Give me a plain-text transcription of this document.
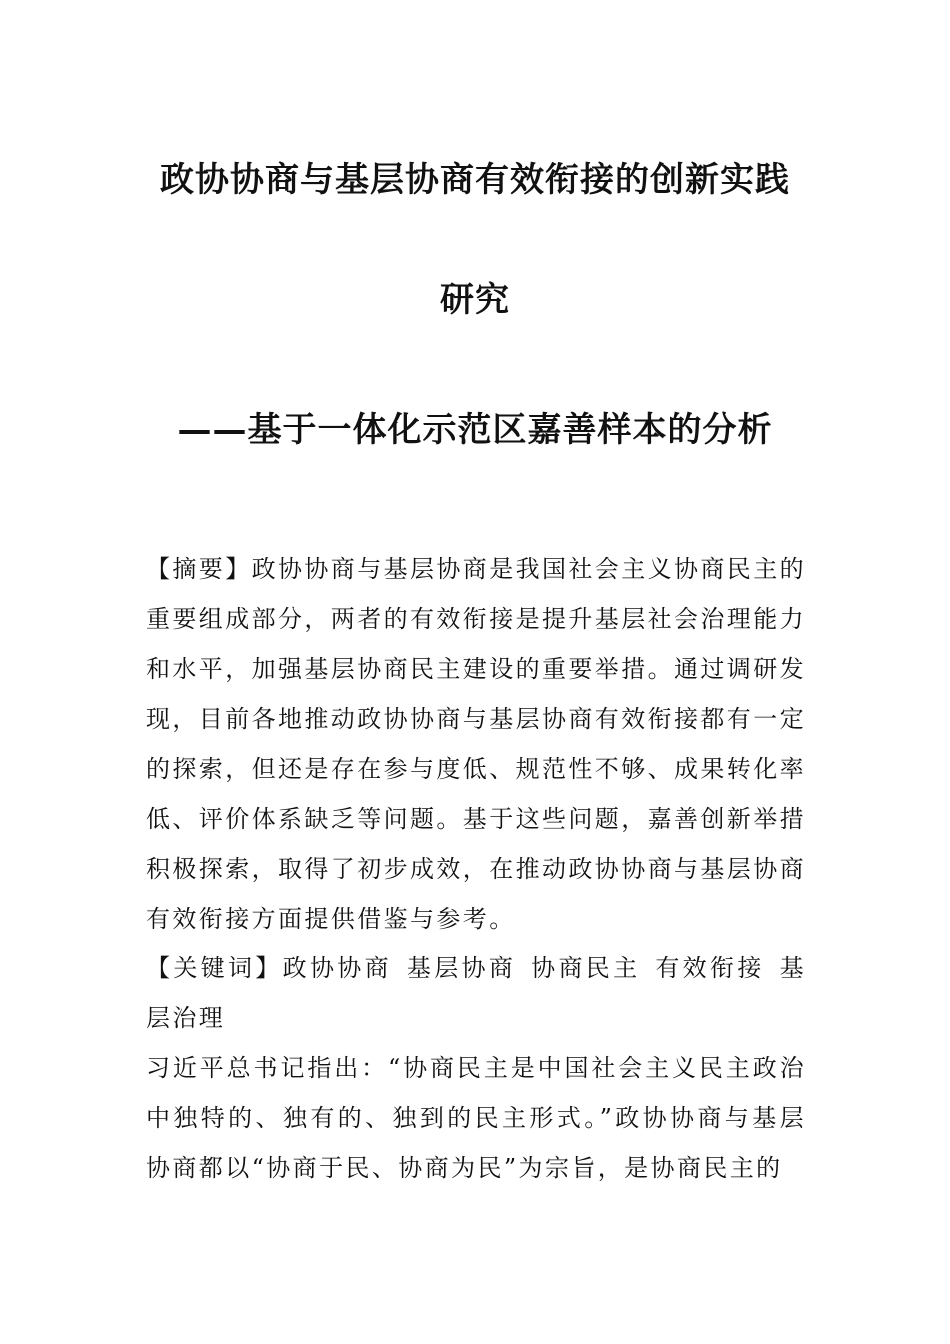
政协协商与基层协商有效衔接的创新实践
研究
——基于一体化示范区嘉善样本的分析
【摘要】政协协商与基层协商是我国社会主义协商民主的重要组成部分，两者的有效衔接是提升基层社会治理能力和水平，加强基层协商民主建设的重要举措。通过调研发现，目前各地推动政协协商与基层协商有效衔接都有一定的探索，但还是存在参与度低、规范性不够、成果转化率低、评价体系缺乏等问题。基于这些问题，嘉善创新举措积极探索，取得了初步成效，在推动政协协商与基层协商有效衔接方面提供借鉴与参考。
【关键词】政协协商 基层协商 协商民主 有效衔接 基层治理
习近平总书记指出：“协商民主是中国社会主义民主政治中独特的、独有的、独到的民主形式。”政协协商与基层协商都以“协商于民、协商为民”为宗旨，是协商民主的
